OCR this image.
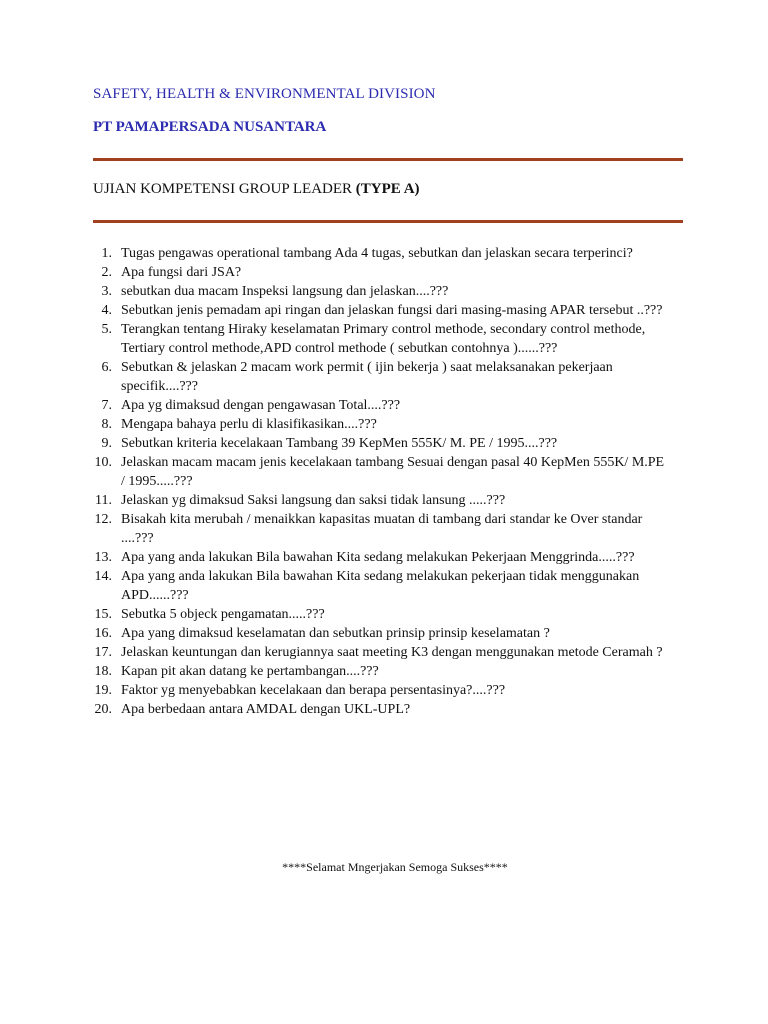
SAFETY, HEALTH & ENVIRONMENTAL DIVISION
PT PAMAPERSADA NUSANTARA
UJIAN KOMPETENSI GROUP LEADER (TYPE A)
1. Tugas pengawas operational tambang Ada 4 tugas, sebutkan dan jelaskan secara terperinci?
2. Apa fungsi dari JSA?
3. sebutkan dua macam Inspeksi langsung dan jelaskan....???
4. Sebutkan jenis pemadam api ringan dan jelaskan fungsi dari masing-masing APAR tersebut ..???
5. Terangkan tentang Hiraky keselamatan Primary control methode, secondary control methode, Tertiary control methode,APD control methode ( sebutkan contohnya )......???
6. Sebutkan & jelaskan 2 macam work permit ( ijin bekerja ) saat melaksanakan pekerjaan specifik....???
7. Apa yg dimaksud dengan pengawasan Total....???
8. Mengapa bahaya perlu di klasifikasikan....???
9. Sebutkan kriteria kecelakaan Tambang 39 KepMen 555K/ M. PE / 1995....???
10. Jelaskan macam macam jenis kecelakaan tambang Sesuai dengan pasal 40 KepMen 555K/ M.PE / 1995.....???
11. Jelaskan yg dimaksud Saksi langsung dan saksi tidak lansung .....???
12. Bisakah kita merubah / menaikkan kapasitas muatan di tambang dari standar ke Over standar ....???
13. Apa yang anda lakukan Bila bawahan Kita sedang melakukan Pekerjaan Menggrinda.....???
14. Apa yang anda lakukan Bila bawahan Kita sedang melakukan pekerjaan tidak menggunakan APD......???
15. Sebutka 5 objeck pengamatan.....???
16. Apa yang dimaksud keselamatan dan sebutkan prinsip prinsip keselamatan ?
17. Jelaskan keuntungan dan kerugiannya saat meeting K3 dengan menggunakan metode Ceramah ?
18. Kapan pit akan datang ke pertambangan....???
19. Faktor yg menyebabkan kecelakaan dan berapa persentasinya?....???
20. Apa berbedaan antara AMDAL dengan UKL-UPL?
****Selamat Mngerjakan Semoga Sukses****
